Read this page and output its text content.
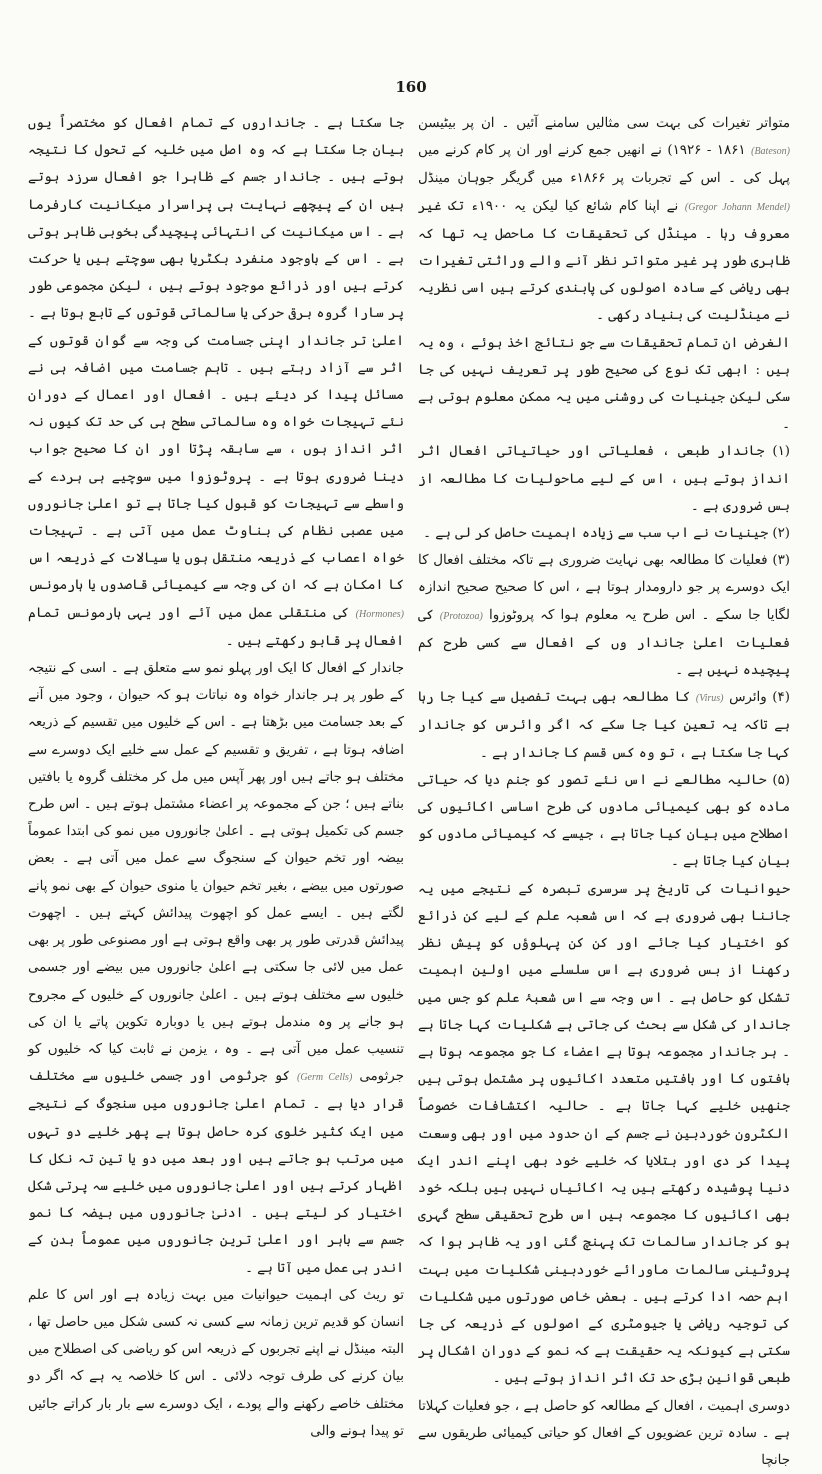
160

متواتر تغیرات کی بہت سی مثالیں سامنے آئیں ۔ ان پر بیٹیسن (Bateson) ۱۸۶۱ - ۱۹۲۶) نے انھیں جمع کرنے اور ان پر کام کرنے میں پہل کی ۔ اس کے تجربات پر ۱۸۶۶ء میں گریگر جوہان مینڈل (Gregor Johann Mendel) نے اپنا کام شائع کیا لیکن یہ ۱۹۰۰ء تک غیر معروف رہا ۔ مینڈل کی تحقیقات کا ماحصل یہ تھا کہ ظاہری طور پر غیر متواتر نظر آنے والے وراثتی تغیرات بھی ریاضی کے سادہ اصولوں کی پابندی کرتے ہیں اسی نظریہ نے مینڈلیت کی بنیاد رکھی ۔

الغرض ان تمام تحقیقات سے جو نتائج اخذ ہوئے ، وہ یہ ہیں : ابھی تک نوع کی صحیح طور پر تعریف نہیں کی جا سکی لیکن جینیات کی روشنی میں یہ ممکن معلوم ہوتی ہے ۔

(۱) جاندار طبعی ، فعلیاتی اور حیاتیاتی افعال اثر انداز ہوتے ہیں ، اس کے لیے ماحولیات کا مطالعہ از بس ضروری ہے ۔

(۲) جینیات نے اب سب سے زیادہ اہمیت حاصل کر لی ہے ۔

(۳) فعلیات کا مطالعہ بھی نہایت ضروری ہے تاکہ مختلف افعال کا ایک دوسرے پر جو دارومدار ہوتا ہے ، اس کا صحیح صحیح اندازہ لگایا جا سکے ۔ اس طرح یہ معلوم ہوا کہ پروٹوزوا (Protozoa) کی فعلیات اعلیٰ جاندار وں کے افعال سے کسی طرح کم پیچیدہ نہیں ہے ۔

(۴) وائرس (Virus) کا مطالعہ بھی بہت تفصیل سے کیا جا رہا ہے تاکہ یہ تعین کیا جا سکے کہ اگر وائرس کو جاندار کہا جا سکتا ہے ، تو وہ کس قسم کا جاندار ہے ۔

(۵) حالیہ مطالعے نے اس نئے تصور کو جنم دیا کہ حیاتی مادہ کو بھی کیمیائی مادوں کی طرح اساسی اکائیوں کی اصطلاح میں بیان کیا جاتا ہے ، جیسے کہ کیمیائی مادوں کو بیان کیا جاتا ہے ۔

حیوانیات کی تاریخ پر سرسری تبصرہ کے نتیجے میں یہ جاننا بھی ضروری ہے کہ اس شعبہ علم کے لیے کن ذرائع کو اختیار کیا جائے اور کن کن پہلوؤں کو پیش نظر رکھنا از بس ضروری ہے اس سلسلے میں اولین اہمیت تشکل کو حاصل ہے ۔ اس وجہ سے اس شعبۂ علم کو جس میں جاندار کی شکل سے بحث کی جاتی ہے شکلیات کہا جاتا ہے ۔ ہر جاندار مجموعہ ہوتا ہے اعضاء کا جو مجموعہ ہوتا ہے بافتوں کا اور بافتیں متعدد اکائیوں پر مشتمل ہوتی ہیں جنھیں خلیے کہا جاتا ہے ۔ حالیہ اکتشافات خصوصاً الکٹرون خوردبین نے جسم کے ان حدود میں اور بھی وسعت پیدا کر دی اور بتلایا کہ خلیے خود بھی اپنے اندر ایک دنیا پوشیدہ رکھتے ہیں یہ اکائیاں نہیں ہیں بلکہ خود بھی اکائیوں کا مجموعہ ہیں اس طرح تحقیقی سطح گہری ہو کر جاندار سالمات تک پہنچ گئی اور یہ ظاہر ہوا کہ پروٹینی سالمات ماورائے خوردبینی شکلیات میں بہت اہم حصہ ادا کرتے ہیں ۔ بعض خاص صورتوں میں شکلیات کی توجیہ ریاضی یا جیومٹری کے اصولوں کے ذریعہ کی جا سکتی ہے کیونکہ یہ حقیقت ہے کہ نمو کے دوران اشکال پر طبعی قوانین بڑی حد تک اثر انداز ہوتے ہیں ۔

دوسری اہمیت ، افعال کے مطالعہ کو حاصل ہے ، جو فعلیات کہلاتا ہے ۔ سادہ ترین عضویوں کے افعال کو حیاتی کیمیائی طریقوں سے جانچا

جا سکتا ہے ۔ جانداروں کے تمام افعال کو مختصراً یوں بیان جا سکتا ہے کہ وہ اصل میں خلیہ کے تحول کا نتیجہ ہوتے ہیں ۔ جاندار جسم کے ظاہرا جو افعال سرزد ہوتے ہیں ان کے پیچھے نہایت ہی پراسرار میکانیت کارفرما ہے ۔ اس میکانیت کی انتہائی پیچیدگی بخوبی ظاہر ہوتی ہے ۔ اس کے باوجود منفرد بکٹریا بھی سوچتے ہیں یا حرکت کرتے ہیں اور ذرائع موجود ہوتے ہیں ، لیکن مجموعی طور پر سارا گروہ برقی حرکی یا سالماتی قوتوں کے تابع ہوتا ہے ۔ اعلیٰ تر جاندار اپنی جسامت کی وجہ سے گوان قوتوں کے اثر سے آزاد رہتے ہیں ۔ تاہم جسامت میں اضافہ ہی نے مسائل پیدا کر دیئے ہیں ۔ افعال اور اعمال کے دوران نئے تہیجات خواہ وہ سالماتی سطح ہی کی حد تک کیوں نہ اثر انداز ہوں ، سے سابقہ پڑتا اور ان کا صحیح جواب دینا ضروری ہوتا ہے ۔ پروٹوزوا میں سوچیے ہی ہردے کے واسطے سے تہیجات کو قبول کیا جاتا ہے تو اعلیٰ جانوروں میں عصبی نظام کی بناوٹ عمل میں آتی ہے ۔ تہیجات خواہ اعصاب کے ذریعہ منتقل ہوں یا سیالات کے ذریعہ اس کا امکان ہے کہ ان کی وجہ سے کیمیائی قاصدوں یا ہارمونس (Hormones) کی منتقلی عمل میں آئے اور یہی ہارمونس تمام افعال پر قابو رکھتے ہیں ۔

جاندار کے افعال کا ایک اور پہلو نمو سے متعلق ہے ۔ اسی کے نتیجہ کے طور پر ہر جاندار خواہ وہ نباتات ہو کہ حیوان ، وجود میں آنے کے بعد جسامت میں بڑھتا ہے ۔ اس کے خلیوں میں تقسیم کے ذریعہ اضافہ ہوتا ہے ، تفریق و تقسیم کے عمل سے خلیے ایک دوسرے سے مختلف ہو جاتے ہیں اور پھر آپس میں مل کر مختلف گروہ یا بافتیں بناتے ہیں ؛ جن کے مجموعہ پر اعضاء مشتمل ہوتے ہیں ۔ اس طرح جسم کی تکمیل ہوتی ہے ۔ اعلیٰ جانوروں میں نمو کی ابتدا عموماً بیضہ اور تخم حیوان کے سنجوگ سے عمل میں آتی ہے ۔ بعض صورتوں میں بیضے ، بغیر تخم حیوان یا منوی حیوان کے بھی نمو پانے لگتے ہیں ۔ ایسے عمل کو اچھوت پیدائش کہتے ہیں ۔ اچھوت پیدائش قدرتی طور پر بھی واقع ہوتی ہے اور مصنوعی طور پر بھی عمل میں لائی جا سکتی ہے اعلیٰ جانوروں میں بیضے اور جسمی خلیوں سے مختلف ہوتے ہیں ۔ اعلیٰ جانوروں کے خلیوں کے مجروح ہو جانے پر وہ مندمل ہوتے ہیں یا دوبارہ تکوین پاتے یا ان کی تنسیب عمل میں آتی ہے ۔ وہ ، یزمن نے ثابت کیا کہ خلیوں کو جرثومی (Germ Cells) کو جرثومی اور جسمی خلیوں سے مختلف قرار دیا ہے ۔ تمام اعلیٰ جانوروں میں سنجوگ کے نتیجے میں ایک کثیر خلوی کرہ حاصل ہوتا ہے پھر خلیے دو تہوں میں مرتب ہو جاتے ہیں اور بعد میں دو یا تین تہ نکل کا اظہار کرتے ہیں اور اعلیٰ جانوروں میں خلیے سہ پرتی شکل اختیار کر لیتے ہیں ۔ ادنیٰ جانوروں میں بیضہ کا نمو جسم سے باہر اور اعلیٰ ترین جانوروں میں عموماً بدن کے اندر ہی عمل میں آتا ہے ۔

تو ریث کی اہمیت حیوانیات میں بہت زیادہ ہے اور اس کا علم انسان کو قدیم ترین زمانہ سے کسی نہ کسی شکل میں حاصل تھا ، البتہ مینڈل نے اپنے تجربوں کے ذریعہ اس کو ریاضی کی اصطلاح میں بیان کرنے کی طرف توجہ دلائی ۔ اس کا خلاصہ یہ ہے کہ اگر دو مختلف خاصے رکھنے والے پودے ، ایک دوسرے سے بار بار کراتے جائیں تو پیدا ہونے والی
